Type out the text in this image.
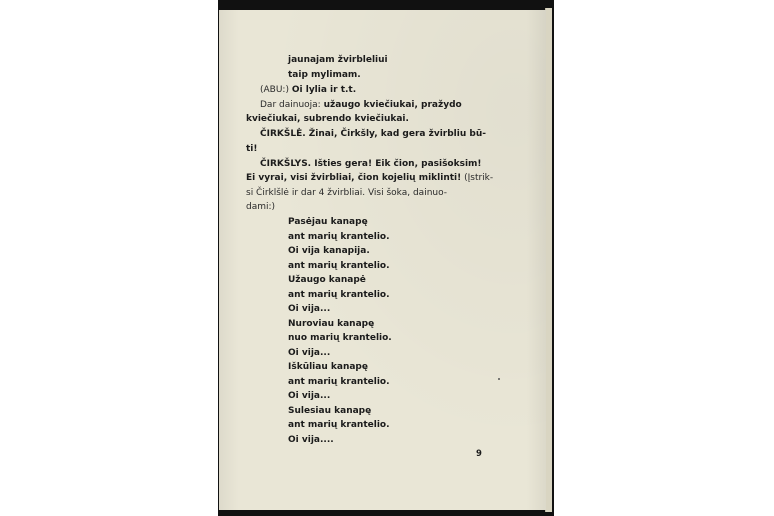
jaunajam žvirbleliui

taip mylimam.

(ABU:) Oi lylia ir t.t.

Dar dainuoja: užaugo kviečiukai, pražydo

kviečiukai, subrendo kviečiukai.

ČIRKŠLĖ. Žinai, Čirkšly, kad gera žvirbliu bū-

ti!

ČIRKŠLYS. Išties gera! Eik čion, pasišoksim!

Ei vyrai, visi žvirbliai, čion kojelių miklinti! (Įstrik-

si Čirklšlė ir dar 4 žvirbliai. Visi šoka, dainuo-

dami:)

Pasėjau kanapę

ant marių krantelio.

Oi vija kanapija.

ant marių krantelio.

Užaugo kanapė

ant marių krantelio.

Oi vija...

Nuroviau kanapę

nuo marių krantelio.

Oi vija...

Iškūliau kanapę

ant marių krantelio.

Oi vija...

Sulesiau kanapę

ant marių krantelio.

Oi vija....

9
